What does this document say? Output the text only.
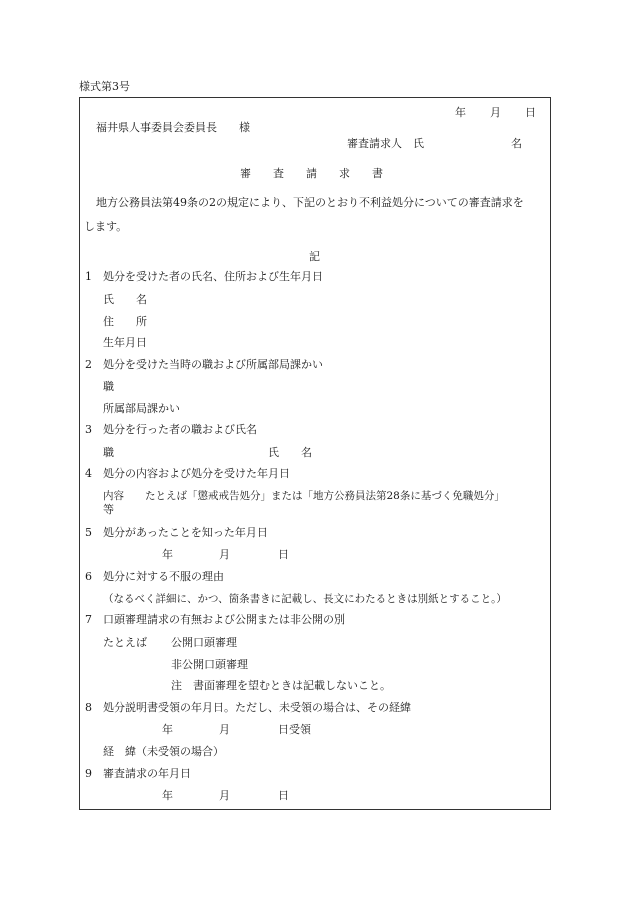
様式第3号
年 月 日
福井県人事委員会委員長　　様
審査請求人　氏	名
審　　査　　請　　求　　書
地方公務員法第49条の2の規定により、下記のとおり不利益処分についての審査請求を
します。
記
1 処分を受けた者の氏名、住所および生年月日
氏　　名
住　　所
生年月日
2 処分を受けた当時の職および所属部局課かい
職
所属部局課かい
3 処分を行った者の職および氏名
職	氏　　名
4 処分の内容および処分を受けた年月日
内容　　たとえば「懲戒戒告処分」または「地方公務員法第28条に基づく免職処分」
等
5 処分があったことを知った年月日
年	月	日
6 処分に対する不服の理由
（なるべく詳細に、かつ、箇条書きに記載し、長文にわたるときは別紙とすること。）
7 口頭審理請求の有無および公開または非公開の別
たとえば 公開口頭審理
非公開口頭審理
注　書面審理を望むときは記載しないこと。
8 処分説明書受領の年月日。ただし、未受領の場合は、その経緯
年	月	日受領
経　緯（未受領の場合）
9 審査請求の年月日
年	月	日
